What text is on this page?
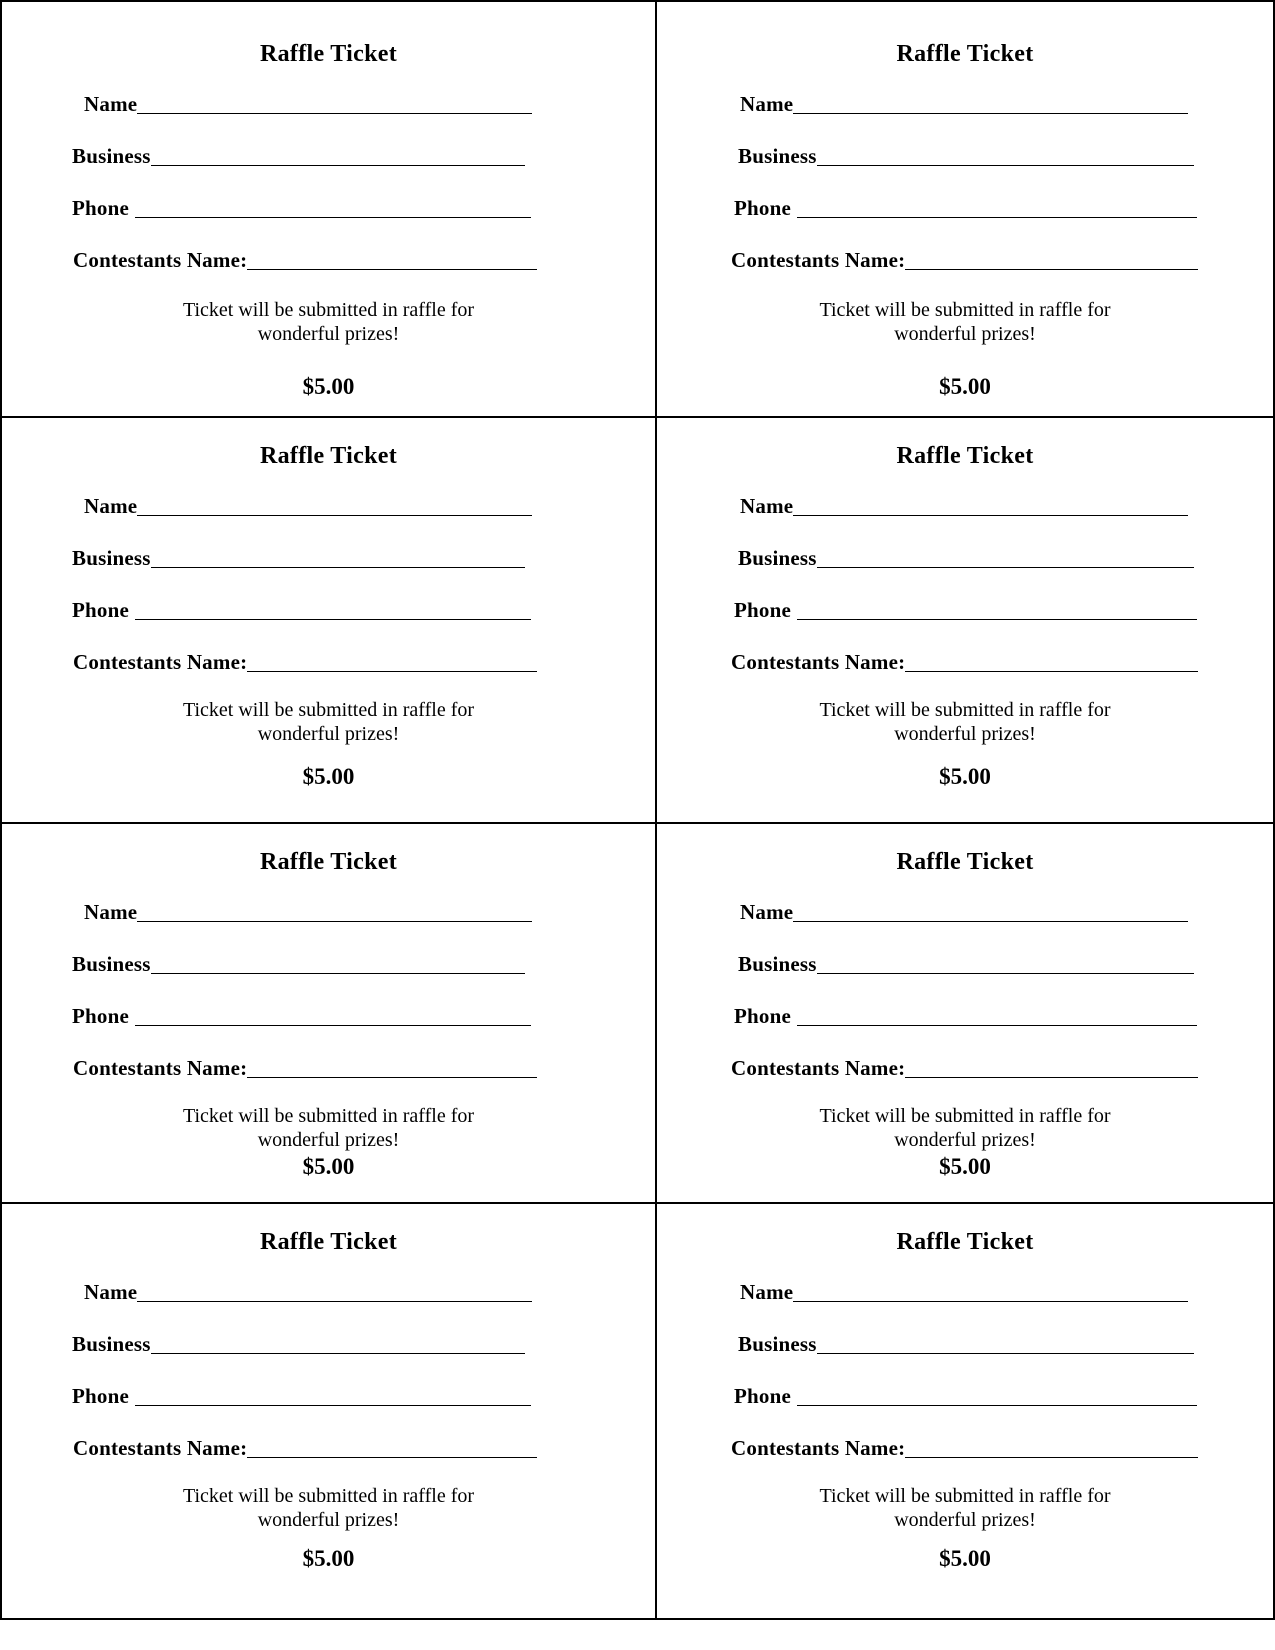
Raffle Ticket
Name
Business
Phone
Contestants Name:
Ticket will be submitted in raffle for
wonderful prizes!
$5.00
Raffle Ticket
Name
Business
Phone
Contestants Name:
Ticket will be submitted in raffle for
wonderful prizes!
$5.00
Raffle Ticket
Name
Business
Phone
Contestants Name:
Ticket will be submitted in raffle for
wonderful prizes!
$5.00
Raffle Ticket
Name
Business
Phone
Contestants Name:
Ticket will be submitted in raffle for
wonderful prizes!
$5.00
Raffle Ticket
Name
Business
Phone
Contestants Name:
Ticket will be submitted in raffle for
wonderful prizes!
$5.00
Raffle Ticket
Name
Business
Phone
Contestants Name:
Ticket will be submitted in raffle for
wonderful prizes!
$5.00
Raffle Ticket
Name
Business
Phone
Contestants Name:
Ticket will be submitted in raffle for
wonderful prizes!
$5.00
Raffle Ticket
Name
Business
Phone
Contestants Name:
Ticket will be submitted in raffle for
wonderful prizes!
$5.00
